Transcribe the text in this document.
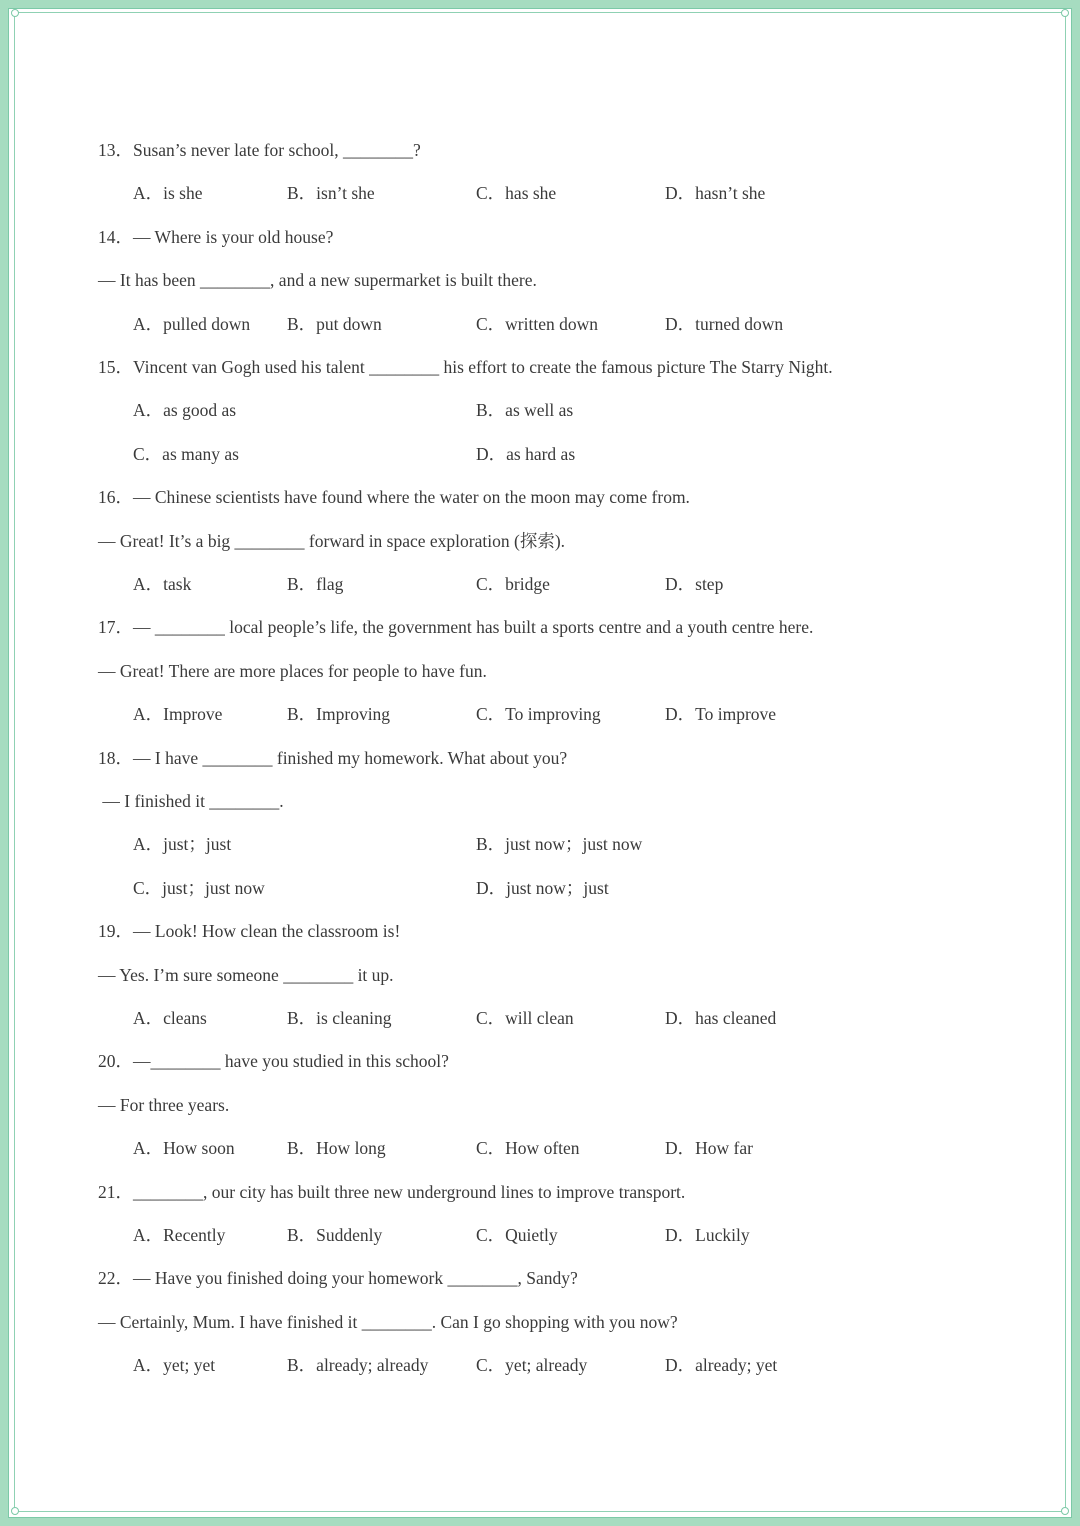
13．Susan’s never late for school, ________?
A．is she	B．isn’t she	C．has she	D．hasn’t she
14．— Where is your old house?
— It has been ________, and a new supermarket is built there.
A．pulled down B．put down	C．written down	D．turned down
15．Vincent van Gogh used his talent ________ his effort to create the famous picture The Starry Night.
A．as good as	B．as well as
C．as many as	D．as hard as
16．— Chinese scientists have found where the water on the moon may come from.
— Great! It’s a big ________ forward in space exploration (探索).
A．task	B．flag	C．bridge	D．step
17．— ________ local people’s life, the government has built a sports centre and a youth centre here.
— Great! There are more places for people to have fun.
A．Improve	B．Improving	C．To improving	D．To improve
18．— I have ________ finished my homework. What about you?
— I finished it ________.
A．just；just	B．just now；just now
C．just；just now	D．just now；just
19．— Look! How clean the classroom is!
— Yes. I’m sure someone ________ it up.
A．cleans	B．is cleaning	C．will clean	D．has cleaned
20．—________ have you studied in this school?
— For three years.
A．How soon	B．How long	C．How often	D．How far
21．________, our city has built three new underground lines to improve transport.
A．Recently	B．Suddenly	C．Quietly	D．Luckily
22．— Have you finished doing your homework ________, Sandy?
— Certainly, Mum. I have finished it ________. Can I go shopping with you now?
A．yet; yet	B．already; already	C．yet; already	D．already; yet
